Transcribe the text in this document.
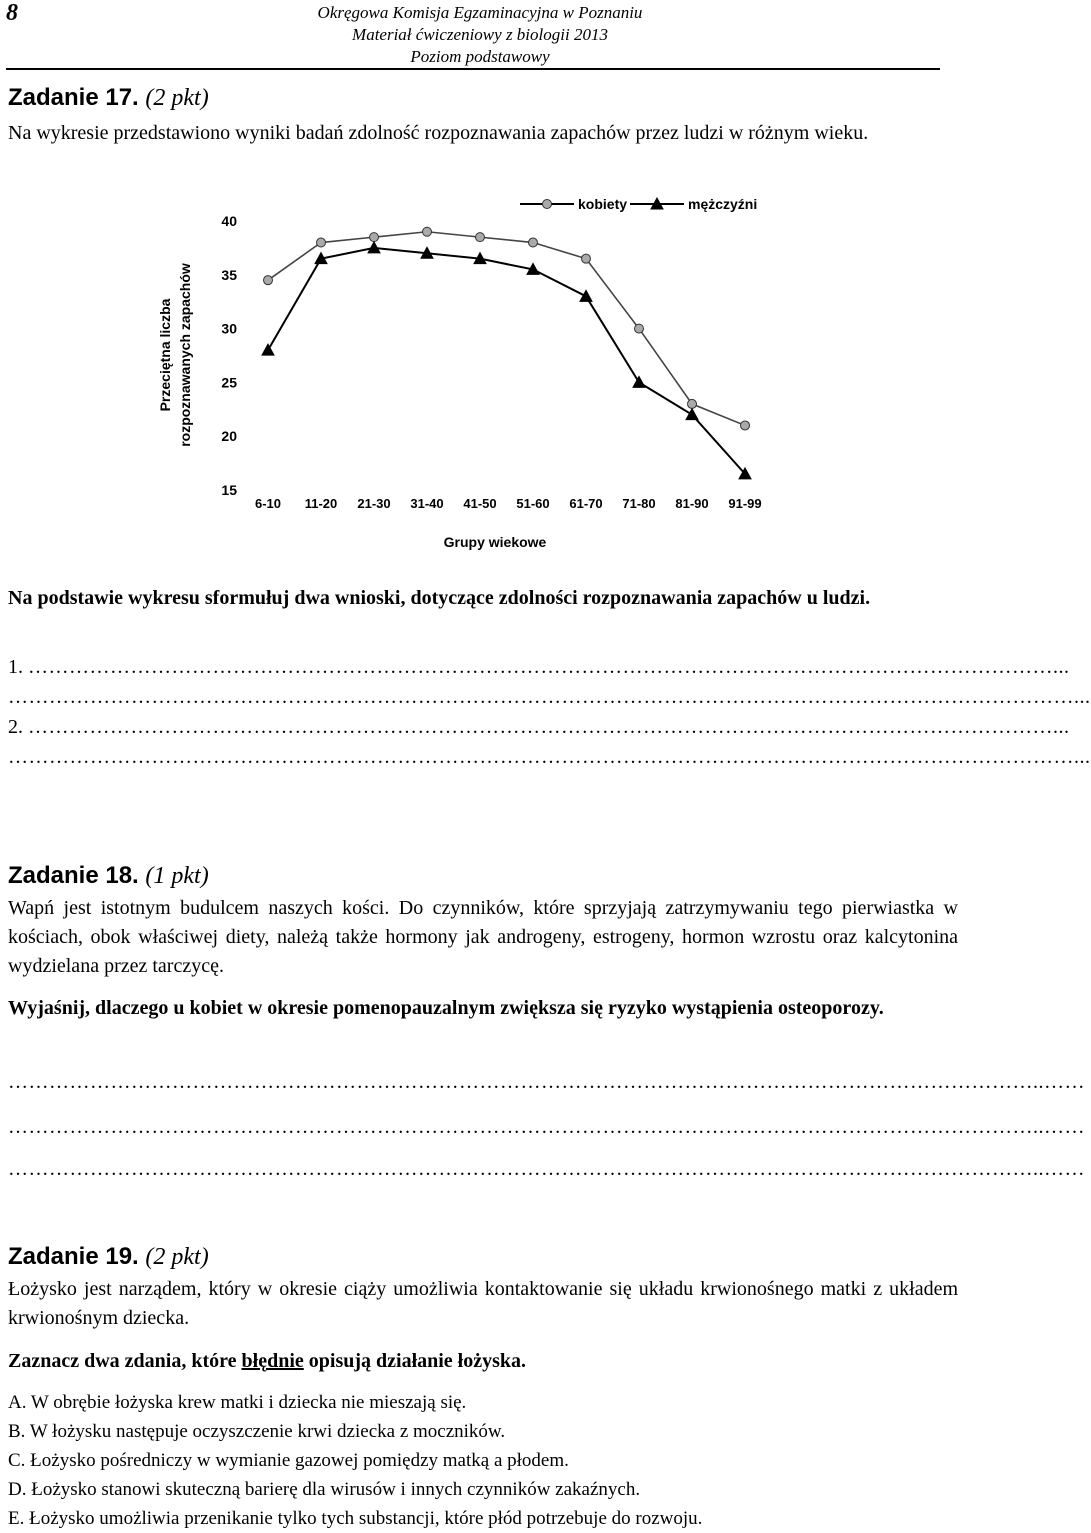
8	Okręgowa Komisja Egzaminacyjna w Poznaniu
Materiał ćwiczeniowy z biologii 2013
Poziom podstawowy
Zadanie 17. (2 pkt)
Na wykresie przedstawiono wyniki badań zdolność rozpoznawania zapachów przez ludzi w różnym wieku.
15
20
25
30
35
40
6-10 11-20 21-30 31-40 41-50 51-60 61-70 71-80 81-90 91-99
Grupy wiekowe
Przeciętna liczba rozpoznawanych zapachów
kobiety	mężczyźni
Na podstawie wykresu sformułuj dwa wnioski, dotyczące zdolności rozpoznawania zapachów u ludzi.
1. ……………………………………………………………………………………………………………………………………...
…………………………………………………………………………………………………………………………………………...
2. ……………………………………………………………………………………………………………………………………...
…………………………………………………………………………………………………………………………………………...
Zadanie 18. (1 pkt)
Wapń jest istotnym budulcem naszych kości. Do czynników, które sprzyjają zatrzymywaniu tego pierwiastka w kościach, obok właściwej diety, należą także hormony jak androgeny, estrogeny, hormon wzrostu oraz kalcytonina wydzielana przez tarczycę.
Wyjaśnij, dlaczego u kobiet w okresie pomenopauzalnym zwiększa się ryzyko wystąpienia osteoporozy.
……………………………………………………………………………………………………………………………………..……
……………………………………………………………………………………………………………………………………..……
……………………………………………………………………………………………………………………………………..……
Zadanie 19. (2 pkt)
Łożysko jest narządem, który w okresie ciąży umożliwia kontaktowanie się układu krwionośnego matki z układem krwionośnym dziecka.
Zaznacz dwa zdania, które błędnie opisują działanie łożyska.
A. W obrębie łożyska krew matki i dziecka nie mieszają się.
B. W łożysku następuje oczyszczenie krwi dziecka z moczników.
C. Łożysko pośredniczy w wymianie gazowej pomiędzy matką a płodem.
D. Łożysko stanowi skuteczną barierę dla wirusów i innych czynników zakaźnych.
E. Łożysko umożliwia przenikanie tylko tych substancji, które płód potrzebuje do rozwoju.
